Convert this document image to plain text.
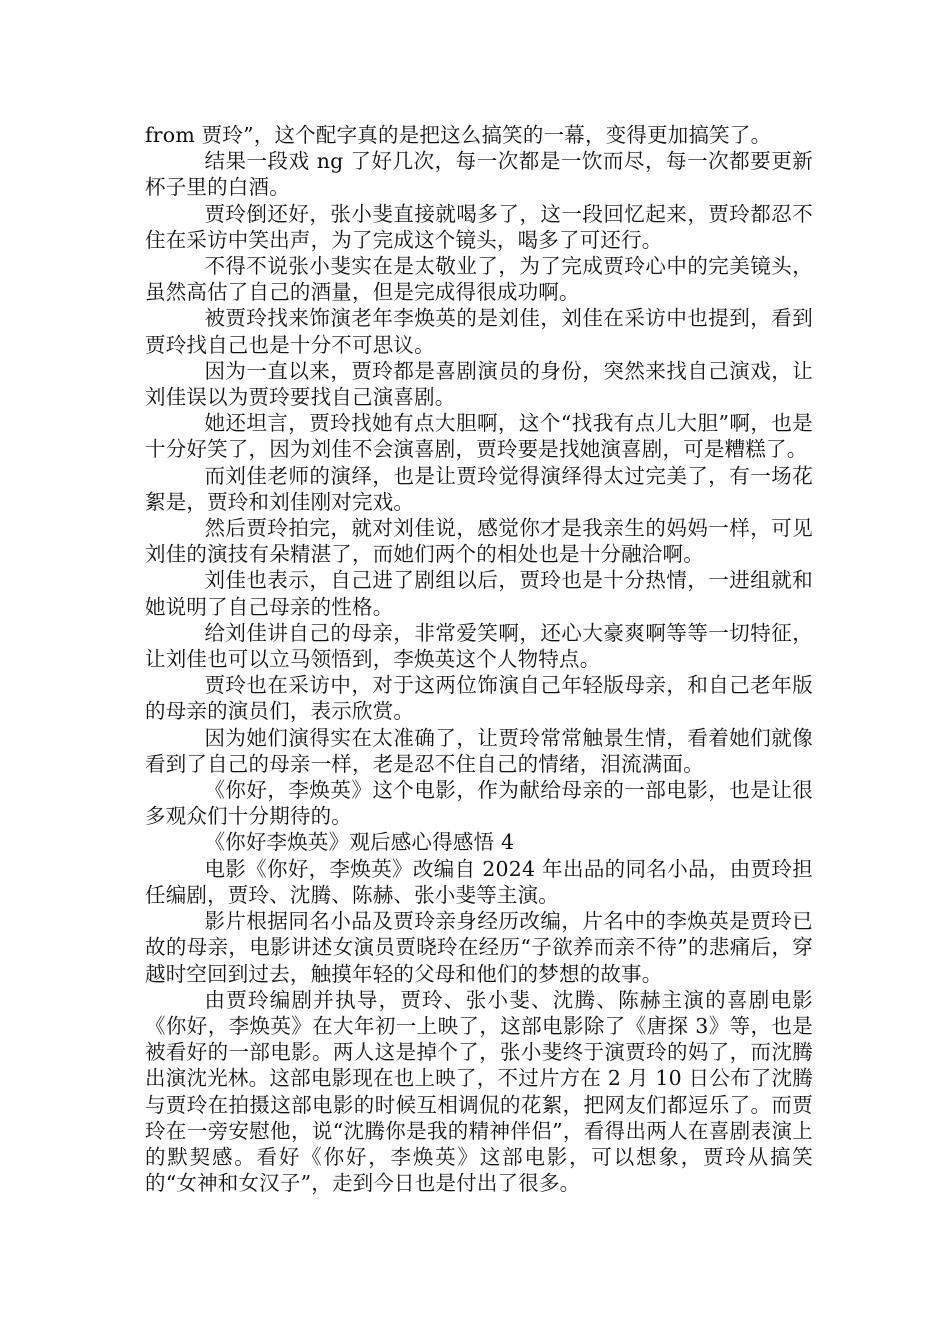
from 贾玲”，这个配字真的是把这么搞笑的一幕，变得更加搞笑了。

结果一段戏 ng 了好几次，每一次都是一饮而尽，每一次都要更新杯子里的白酒。

贾玲倒还好，张小斐直接就喝多了，这一段回忆起来，贾玲都忍不住在采访中笑出声，为了完成这个镜头，喝多了可还行。

不得不说张小斐实在是太敬业了，为了完成贾玲心中的完美镜头，虽然高估了自己的酒量，但是完成得很成功啊。

被贾玲找来饰演老年李焕英的是刘佳，刘佳在采访中也提到，看到贾玲找自己也是十分不可思议。

因为一直以来，贾玲都是喜剧演员的身份，突然来找自己演戏，让刘佳误以为贾玲要找自己演喜剧。

她还坦言，贾玲找她有点大胆啊，这个“找我有点儿大胆”啊，也是十分好笑了，因为刘佳不会演喜剧，贾玲要是找她演喜剧，可是糟糕了。

而刘佳老师的演绎，也是让贾玲觉得演绎得太过完美了，有一场花絮是，贾玲和刘佳刚对完戏。

然后贾玲拍完，就对刘佳说，感觉你才是我亲生的妈妈一样，可见刘佳的演技有朵精湛了，而她们两个的相处也是十分融洽啊。

刘佳也表示，自己进了剧组以后，贾玲也是十分热情，一进组就和她说明了自己母亲的性格。

给刘佳讲自己的母亲，非常爱笑啊，还心大豪爽啊等等一切特征，让刘佳也可以立马领悟到，李焕英这个人物特点。

贾玲也在采访中，对于这两位饰演自己年轻版母亲，和自己老年版的母亲的演员们，表示欣赏。

因为她们演得实在太准确了，让贾玲常常触景生情，看着她们就像看到了自己的母亲一样，老是忍不住自己的情绪，泪流满面。

《你好，李焕英》这个电影，作为献给母亲的一部电影，也是让很多观众们十分期待的。

《你好李焕英》观后感心得感悟 4

电影《你好，李焕英》改编自 2024 年出品的同名小品，由贾玲担任编剧，贾玲、沈腾、陈赫、张小斐等主演。

影片根据同名小品及贾玲亲身经历改编，片名中的李焕英是贾玲已故的母亲，电影讲述女演员贾晓玲在经历“子欲养而亲不待”的悲痛后，穿越时空回到过去，触摸年轻的父母和他们的梦想的故事。

由贾玲编剧并执导，贾玲、张小斐、沈腾、陈赫主演的喜剧电影《你好，李焕英》在大年初一上映了，这部电影除了《唐探 3》等，也是被看好的一部电影。两人这是掉个了，张小斐终于演贾玲的妈了，而沈腾出演沈光林。这部电影现在也上映了，不过片方在 2 月 10 日公布了沈腾与贾玲在拍摄这部电影的时候互相调侃的花絮，把网友们都逗乐了。而贾玲在一旁安慰他，说“沈腾你是我的精神伴侣”，看得出两人在喜剧表演上的默契感。看好《你好，李焕英》这部电影，可以想象，贾玲从搞笑的“女神和女汉子”，走到今日也是付出了很多。
